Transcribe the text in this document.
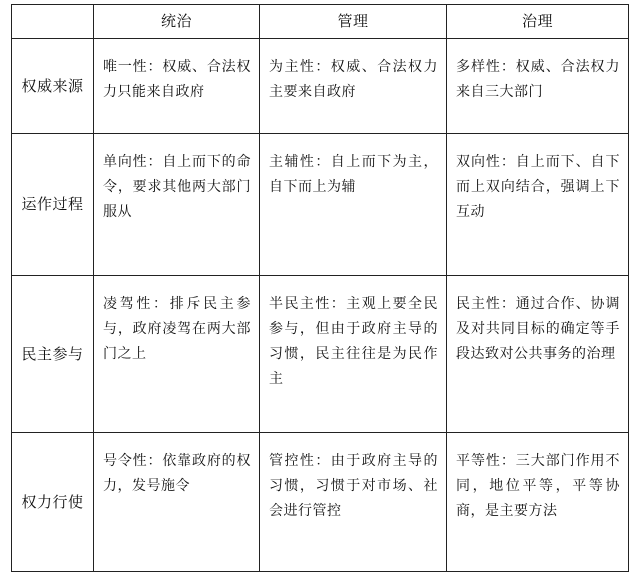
	统治	管理	治理
权威来源	唯一性：权威、合法权力只能来自政府	为主性：权威、合法权力主要来自政府	多样性：权威、合法权力来自三大部门
运作过程	单向性：自上而下的命令，要求其他两大部门服从	主辅性：自上而下为主，自下而上为辅	双向性：自上而下、自下而上双向结合，强调上下互动
民主参与	凌驾性：排斥民主参与，政府凌驾在两大部门之上	半民主性：主观上要全民参与，但由于政府主导的习惯，民主往往是为民作主	民主性：通过合作、协调及对共同目标的确定等手段达致对公共事务的治理
权力行使	号令性：依靠政府的权力，发号施令	管控性：由于政府主导的习惯，习惯于对市场、社会进行管控	平等性：三大部门作用不同，地位平等，平等协商，是主要方法
